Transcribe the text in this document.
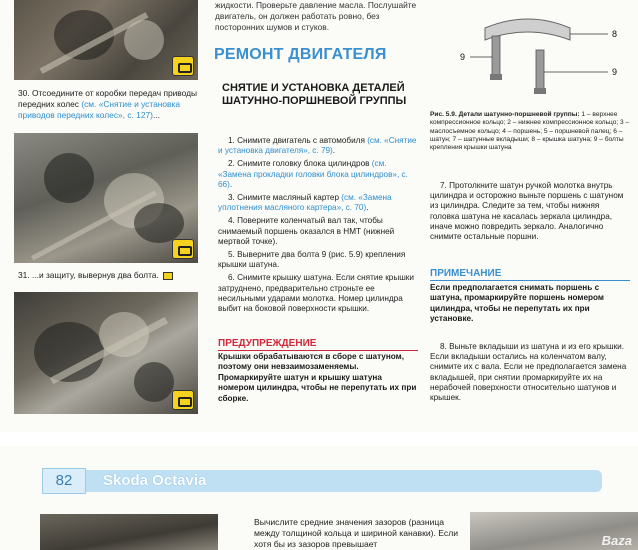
30. Отсоедините от коробки передач приводы передних колес (см. «Снятие и установка приводов передних колес», с. 127)...
31. ...и защиту, вывернув два болта.
жидкости. Проверьте давление масла. Послушайте двигатель, он должен работать ровно, без посторонних шумов и стуков.
РЕМОНТ ДВИГАТЕЛЯ
СНЯТИЕ И УСТАНОВКА ДЕТАЛЕЙ ШАТУННО-ПОРШНЕВОЙ ГРУППЫ

1. Снимите двигатель с автомобиля (см. «Снятие и установка двигателя», с. 79).

2. Снимите головку блока цилиндров (см. «Замена прокладки головки блока цилиндров», с. 66).

3. Снимите масляный картер (см. «Замена уплотнения масляного картера», с. 70).

4. Поверните коленчатый вал так, чтобы снимаемый поршень оказался в НМТ (нижней мертвой точке).

5. Выверните два болта 9 (рис. 5.9) крепления крышки шатуна.

6. Снимите крышку шатуна. Если снятие крышки затруднено, предварительно строньте ее несильными ударами молотка. Номер цилиндра выбит на боковой поверхности крышки.

ПРЕДУПРЕЖДЕНИЕ
Крышки обрабатываются в сборе с шатуном, поэтому они невзаимозаменяемы. Промаркируйте шатун и крышку шатуна номером цилиндра, чтобы не перепутать их при сборке.
9
8
9
Рис. 5.9. Детали шатунно-поршневой группы: 1 – верхнее компрессионное кольцо; 2 – нижнее компрессионное кольцо; 3 – маслосъемное кольцо; 4 – поршень; 5 – поршневой палец; 6 – шатун; 7 – шатунные вкладыши; 8 – крышка шатуна; 9 – болты крепления крышки шатуна
7. Протолкните шатун ручкой молотка внутрь цилиндра и осторожно выньте поршень с шатуном из цилиндра. Следите за тем, чтобы нижняя головка шатуна не касалась зеркала цилиндра, иначе можно повредить зеркало. Аналогично снимите остальные поршни.
ПРИМЕЧАНИЕ
Если предполагается снимать поршень с шатуна, промаркируйте поршень номером цилиндра, чтобы не перепутать их при установке.
8. Выньте вкладыши из шатуна и из его крышки. Если вкладыши остались на коленчатом валу, снимите их с вала. Если не предполагается замена вкладышей, при снятии промаркируйте их на нерабочей поверхности относительно шатунов и крышек.
82	Skoda Octavia
Вычислите средние значения зазоров (разница между толщиной кольца и шириной канавки). Если хотя бы из зазоров превышает	Baza
